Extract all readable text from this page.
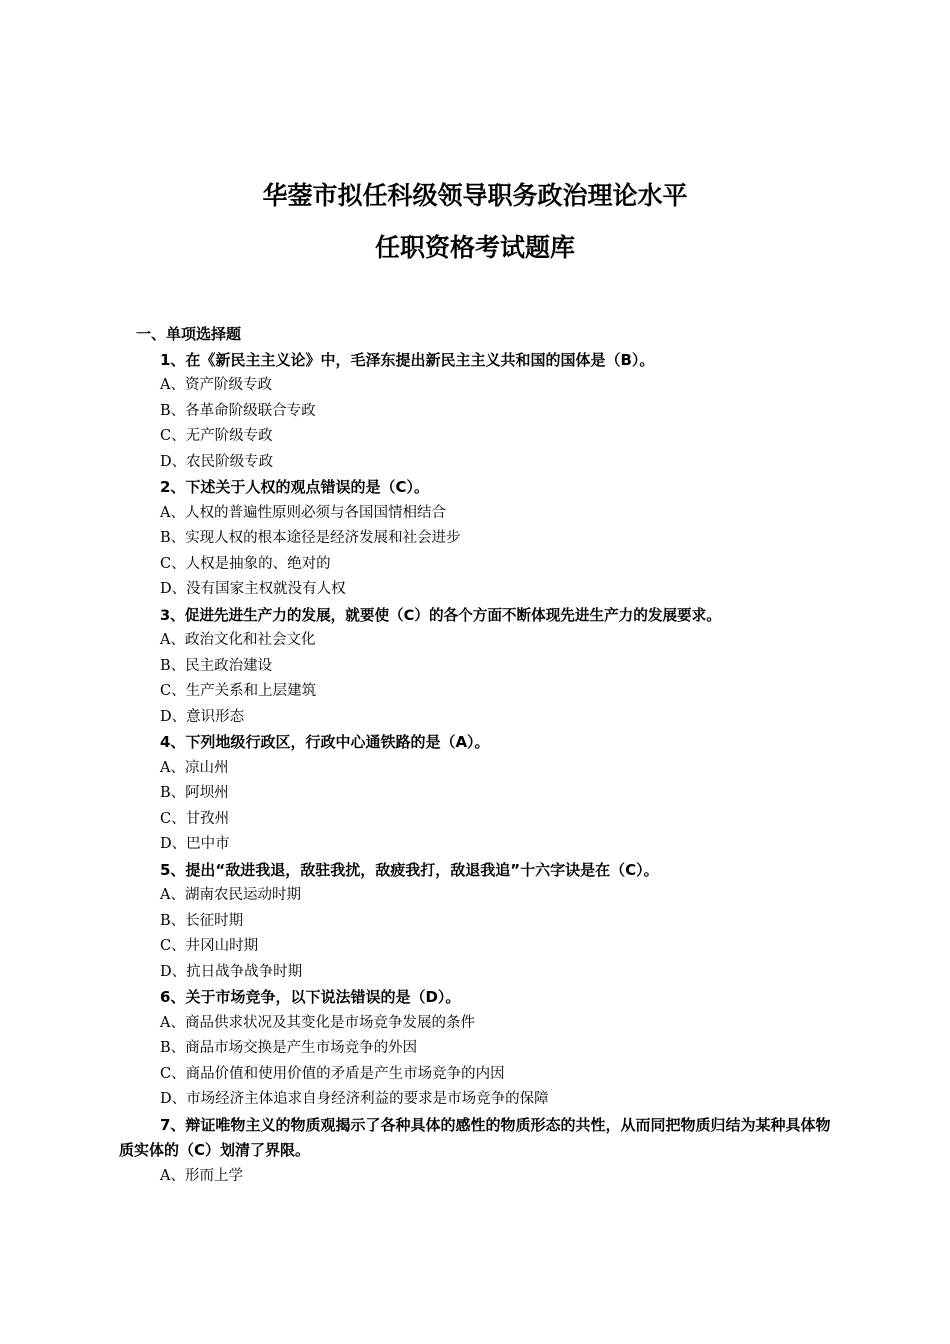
华蓥市拟任科级领导职务政治理论水平
任职资格考试题库
一、单项选择题
1、在《新民主主义论》中，毛泽东提出新民主主义共和国的国体是（B）。
A、资产阶级专政
B、各革命阶级联合专政
C、无产阶级专政
D、农民阶级专政
2、下述关于人权的观点错误的是（C）。
A、人权的普遍性原则必须与各国国情相结合
B、实现人权的根本途径是经济发展和社会进步
C、人权是抽象的、绝对的
D、没有国家主权就没有人权
3、促进先进生产力的发展，就要使（C）的各个方面不断体现先进生产力的发展要求。
A、政治文化和社会文化
B、民主政治建设
C、生产关系和上层建筑
D、意识形态
4、下列地级行政区，行政中心通铁路的是（A）。
A、凉山州
B、阿坝州
C、甘孜州
D、巴中市
5、提出“敌进我退，敌驻我扰，敌疲我打，敌退我追”十六字诀是在（C）。
A、湖南农民运动时期
B、长征时期
C、井冈山时期
D、抗日战争战争时期
6、关于市场竞争，以下说法错误的是（D）。
A、商品供求状况及其变化是市场竞争发展的条件
B、商品市场交换是产生市场竞争的外因
C、商品价值和使用价值的矛盾是产生市场竞争的内因
D、市场经济主体追求自身经济利益的要求是市场竞争的保障
7、辩证唯物主义的物质观揭示了各种具体的感性的物质形态的共性，从而同把物质归结为某种具体物质实体的（C）划清了界限。
A、形而上学
